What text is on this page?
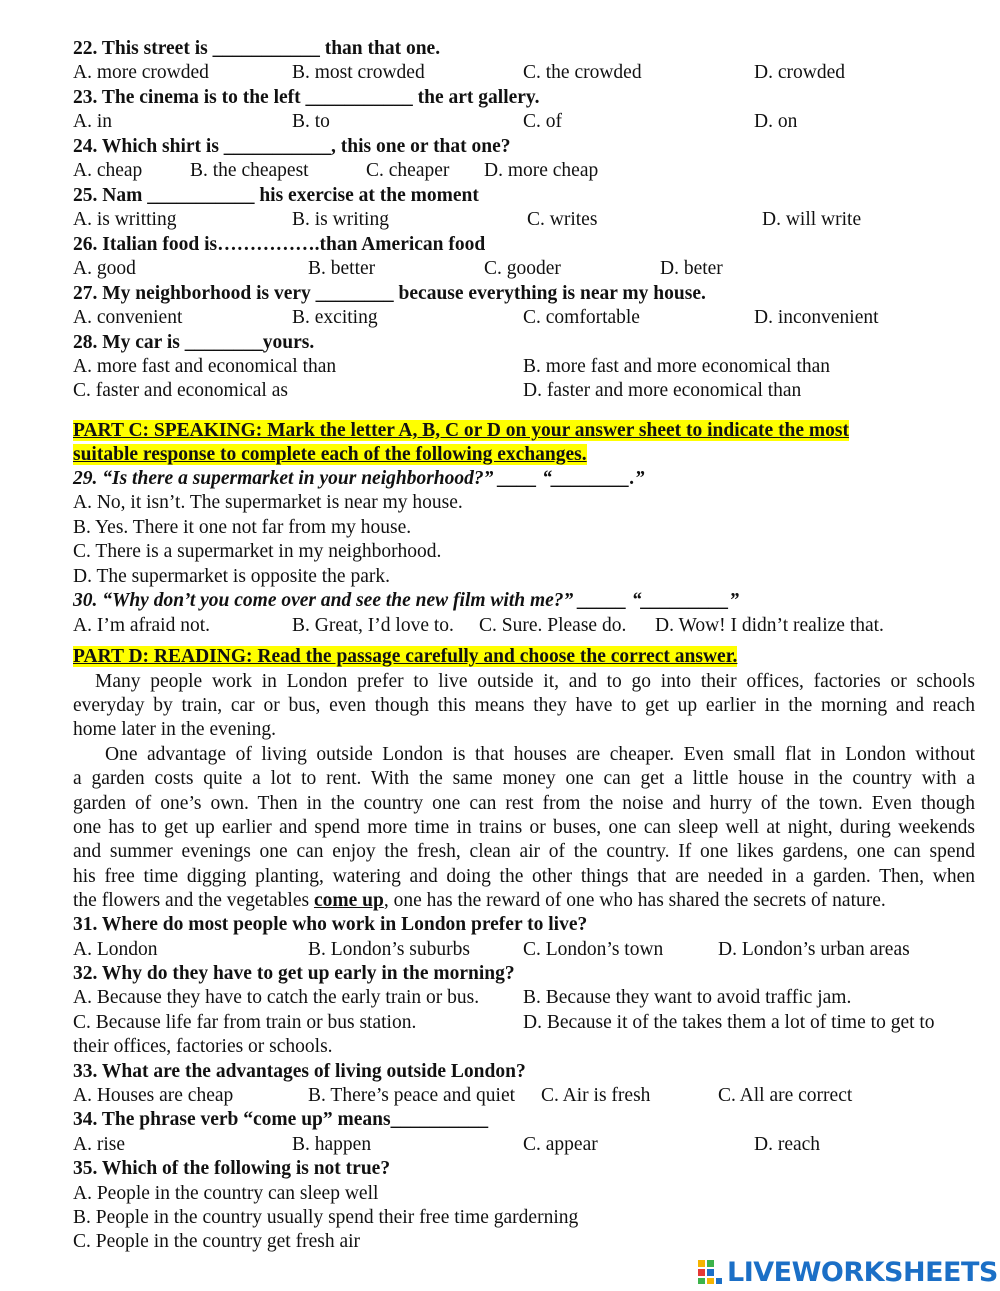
22. This street is ___________ than that one.
A. more crowded	B. most crowded	C. the crowded	D. crowded
23. The cinema is to the left ___________ the art gallery.
A. in	B. to	C. of	D. on
24. Which shirt is ___________, this one or that one?
A. cheap B. the cheapest	C. cheaper D. more cheap
25. Nam ___________ his exercise at the moment
A. is writting	B. is writing	C. writes	D. will write
26. Italian food is…………….than American food
A. good	B. better	C. gooder	D. beter
27. My neighborhood is very ________ because everything is near my house.
A. convenient	B. exciting	C. comfortable	D. inconvenient
28. My car is ________yours.
A. more fast and economical than	B. more fast and more economical than
C. faster and economical as	D. faster and more economical than
PART C: SPEAKING: Mark the letter A, B, C or D on your answer sheet to indicate the most
suitable response to complete each of the following exchanges.
29. “Is there a supermarket in your neighborhood?” ____ “________.”
A. No, it isn’t. The supermarket is near my house.
B. Yes. There it one not far from my house.
C. There is a supermarket in my neighborhood.
D. The supermarket is opposite the park.
30. “Why don’t you come over and see the new film with me?” _____ “_________”
A. I’m afraid not.	B. Great, I’d love to. C. Sure. Please do. D. Wow! I didn’t realize that.
PART D: READING: Read the passage carefully and choose the correct answer.
Many people work in London prefer to live outside it, and to go into their offices, factories or schools
everyday by train, car or bus, even though this means they have to get up earlier in the morning and reach
home later in the evening.
One advantage of living outside London is that houses are cheaper. Even small flat in London without
a garden costs quite a lot to rent. With the same money one can get a little house in the country with a
garden of one’s own. Then in the country one can rest from the noise and hurry of the town. Even though
one has to get up earlier and spend more time in trains or buses, one can sleep well at night, during weekends
and summer evenings one can enjoy the fresh, clean air of the country. If one likes gardens, one can spend
his free time digging planting, watering and doing the other things that are needed in a garden. Then, when
the flowers and the vegetables come up, one has the reward of one who has shared the secrets of nature.
31. Where do most people who work in London prefer to live?
A. London	B. London’s suburbs	C. London’s town	D. London’s urban areas
32. Why do they have to get up early in the morning?
A. Because they have to catch the early train or bus. B. Because they want to avoid traffic jam.
C. Because life far from train or bus station.	D. Because it of the takes them a lot of time to get to
their offices, factories or schools.
33. What are the advantages of living outside London?
A. Houses are cheap	B. There’s peace and quiet C. Air is fresh	C. All are correct
34. The phrase verb “come up” means__________
A. rise	B. happen	C. appear	D. reach
35. Which of the following is not true?
A. People in the country can sleep well
B. People in the country usually spend their free time garderning
C. People in the country get fresh air
LIVEWORKSHEETS
